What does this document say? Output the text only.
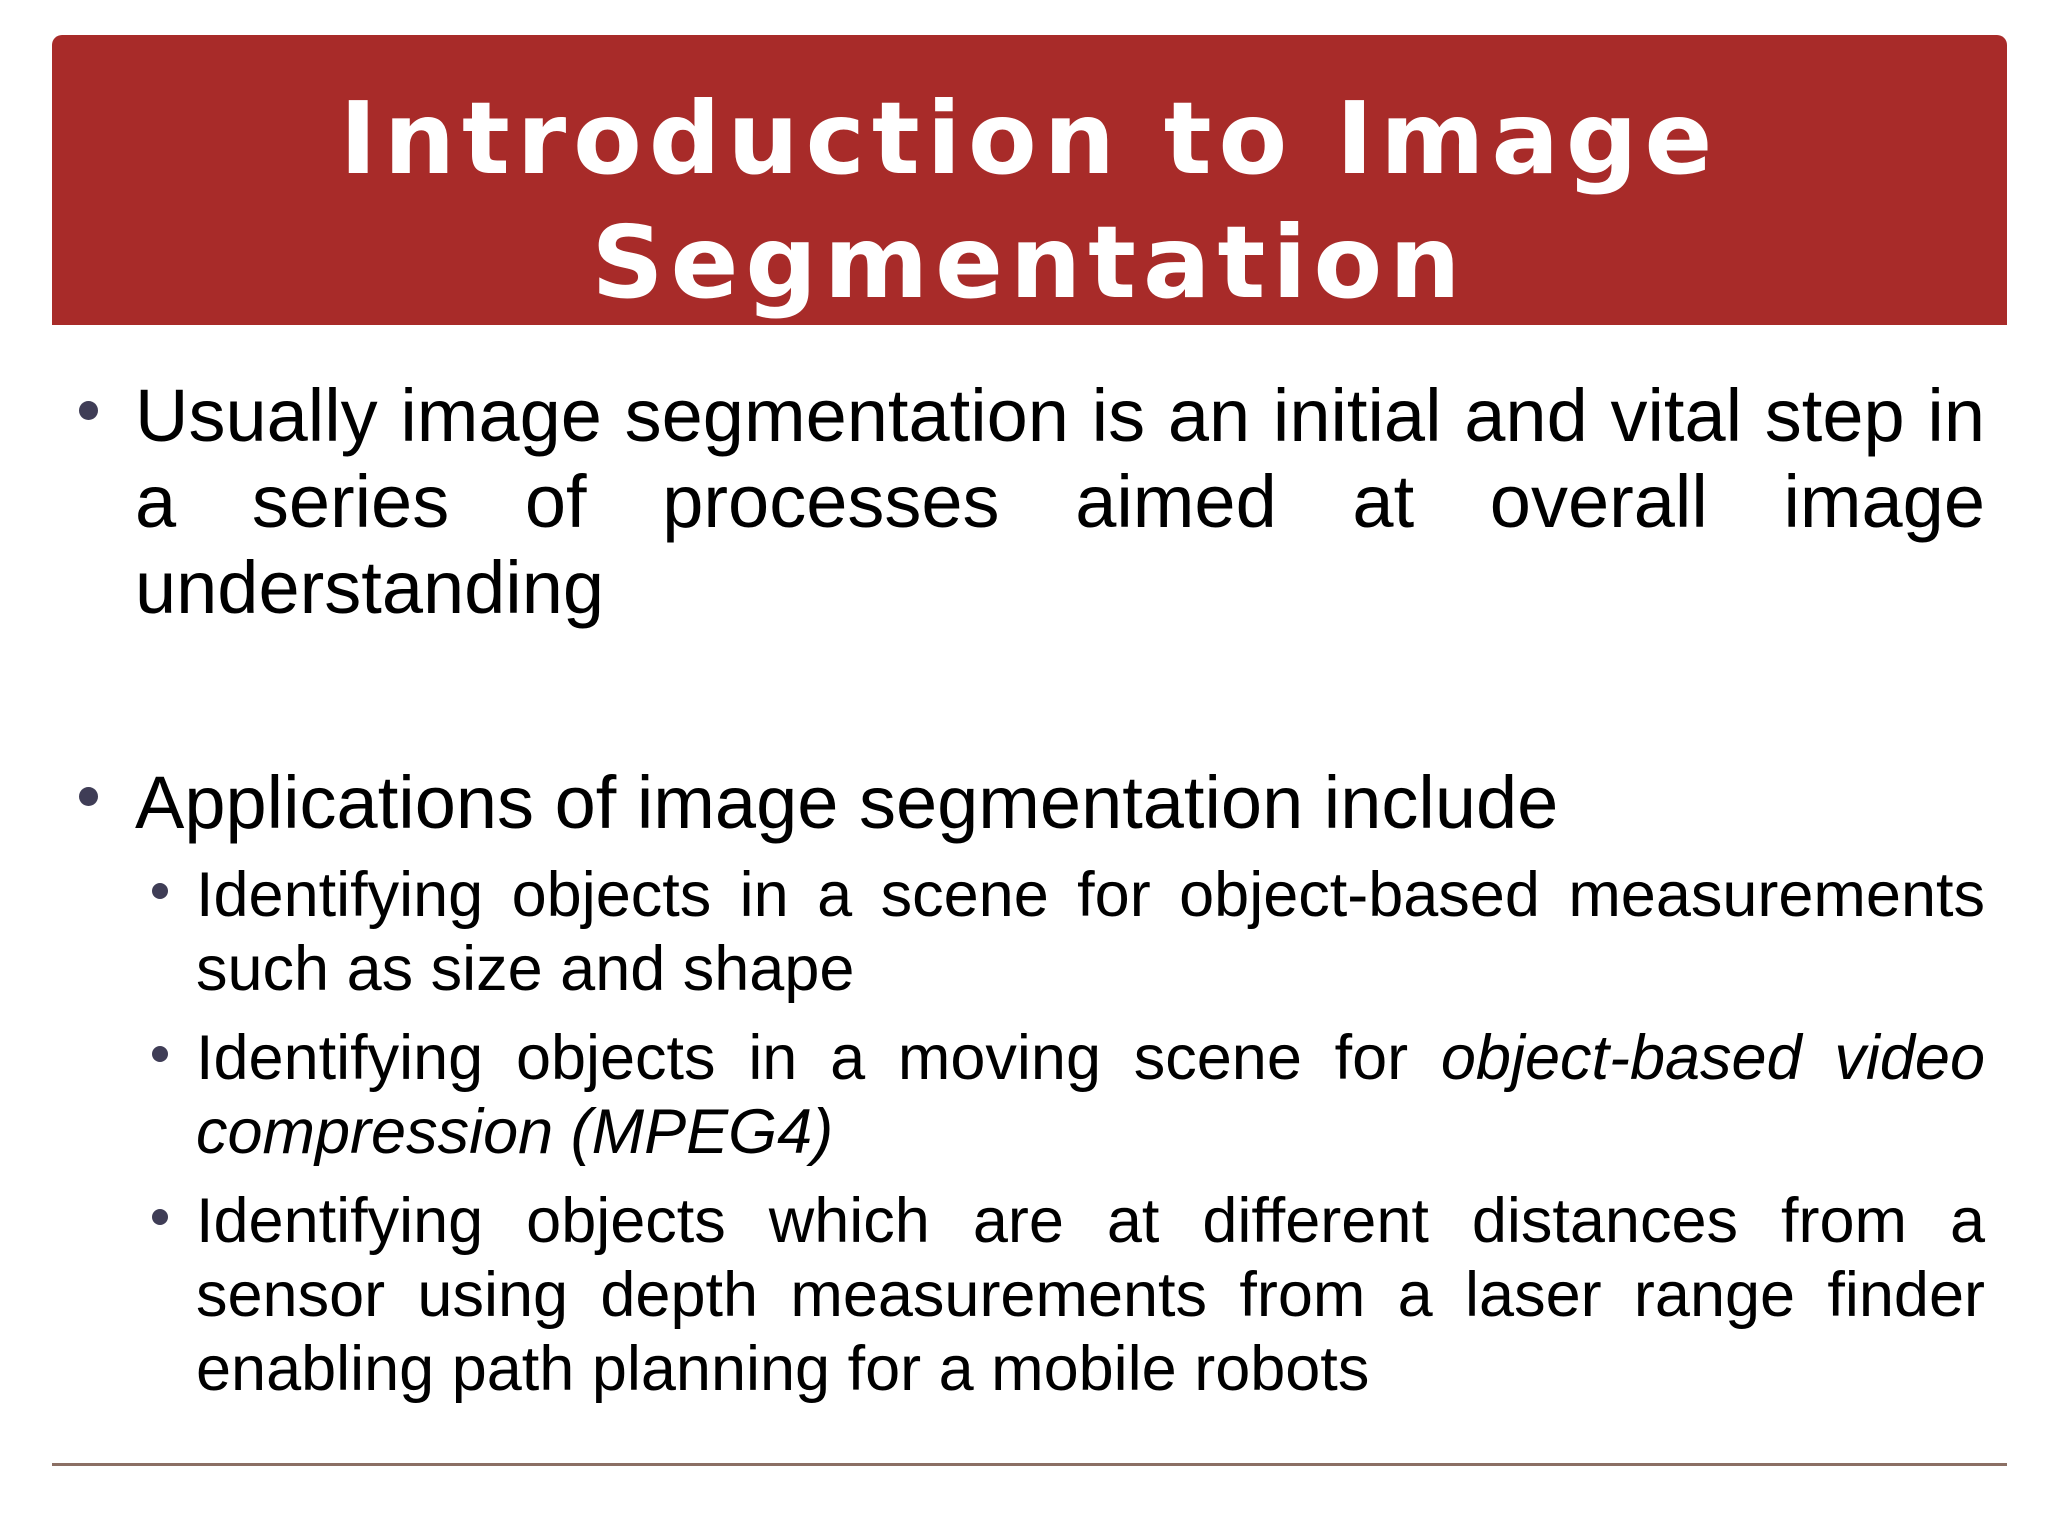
Introduction to Image
Segmentation

Usually image segmentation is an initial and vital step in a series of processes aimed at overall image understanding

Applications of image segmentation include

Identifying objects in a scene for object-based measurements such as size and shape

Identifying objects in a moving scene for object-based video compression (MPEG4)

Identifying objects which are at different distances from a sensor using depth measurements from a laser range finder enabling path planning for a mobile robots
